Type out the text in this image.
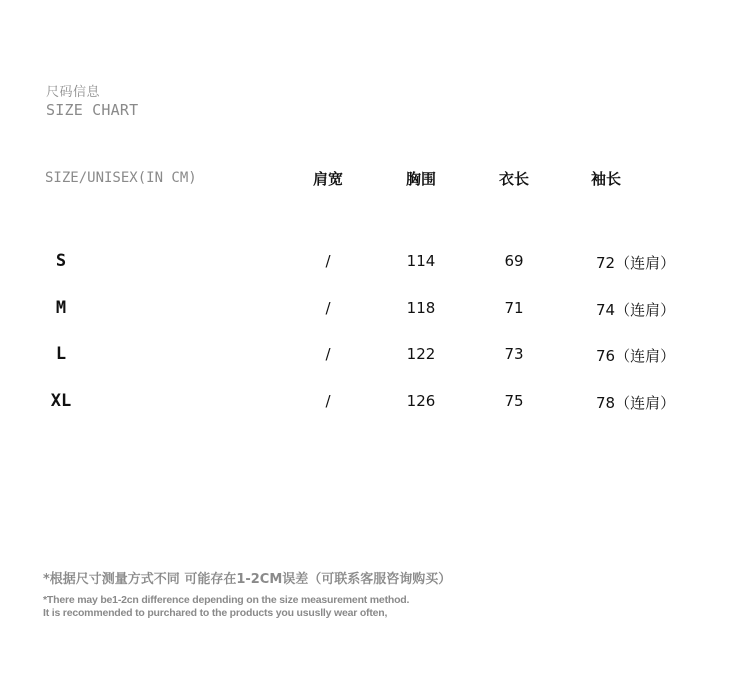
尺码信息
SIZE CHART
SIZE/UNISEX(IN CM)	肩宽	胸围	衣长	袖长
S	/	114	69	72（连肩）
M	/	118	71	74（连肩）
L	/	122	73	76（连肩）
XL	/	126	75	78（连肩）
*根据尺寸测量方式不同 可能存在1-2CM误差（可联系客服咨询购买）
*There may be1-2cn difference depending on the size measurement method.
It is recommended to purchared to the products you ususlly wear often,
